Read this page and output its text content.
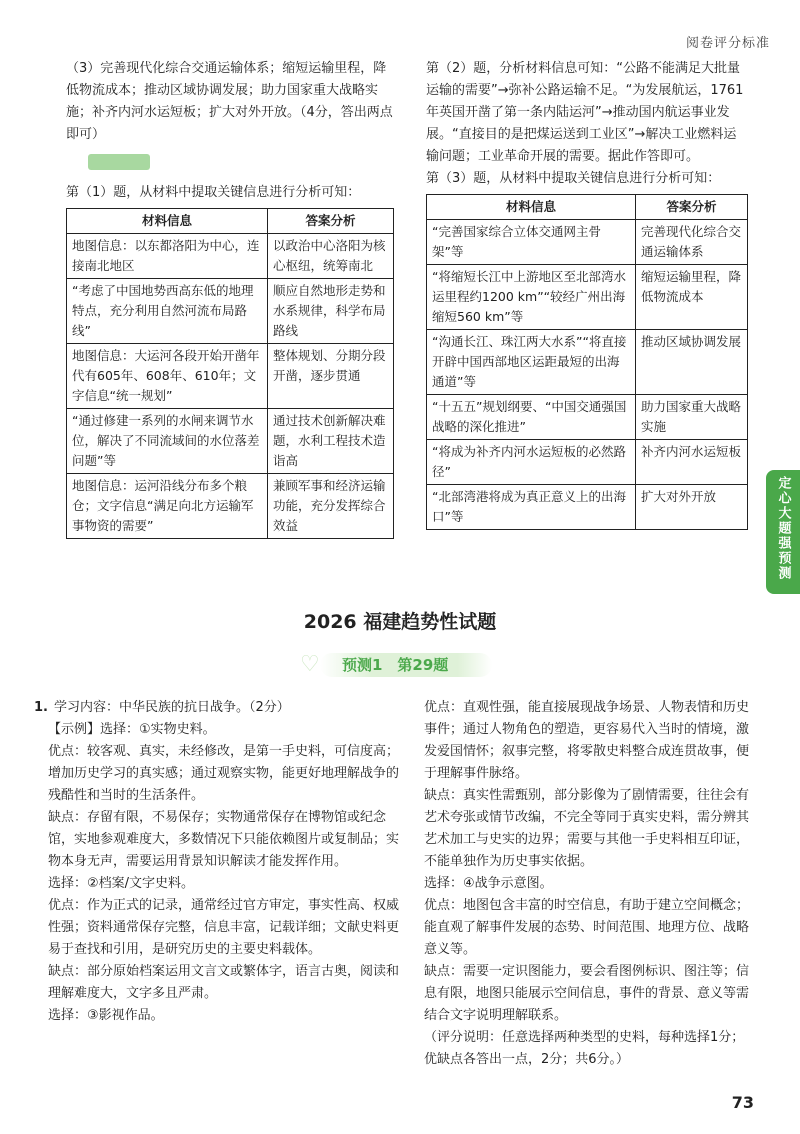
阅卷评分标准

（3）完善现代化综合交通运输体系；缩短运输里程，降低物流成本；推动区域协调发展；助力国家重大战略实施；补齐内河水运短板；扩大对外开放。（4分，答出两点即可）

第（1）题，从材料中提取关键信息进行分析可知：

材料信息	答案分析
地图信息：以东都洛阳为中心，连接南北地区	以政治中心洛阳为核心枢纽，统筹南北
“考虑了中国地势西高东低的地理特点，充分利用自然河流布局路线”	顺应自然地形走势和水系规律，科学布局路线
地图信息：大运河各段开始开凿年代有605年、608年、610年；文字信息“统一规划”	整体规划、分期分段开凿，逐步贯通
“通过修建一系列的水闸来调节水位，解决了不同流域间的水位落差问题”等	通过技术创新解决难题，水利工程技术造诣高
地图信息：运河沿线分布多个粮仓；文字信息“满足向北方运输军事物资的需要”	兼顾军事和经济运输功能，充分发挥综合效益

第（2）题，分析材料信息可知：“公路不能满足大批量运输的需要”→弥补公路运输不足。“为发展航运，1761年英国开凿了第一条内陆运河”→推动国内航运事业发展。“直接目的是把煤运送到工业区”→解决工业燃料运输问题；工业革命开展的需要。据此作答即可。

第（3）题，从材料中提取关键信息进行分析可知：

材料信息	答案分析
“完善国家综合立体交通网主骨架”等	完善现代化综合交通运输体系
“将缩短长江中上游地区至北部湾水运里程约1200 km”“较经广州出海缩短560 km”等	缩短运输里程，降低物流成本
“沟通长江、珠江两大水系”“将直接开辟中国西部地区运距最短的出海通道”等	推动区域协调发展
“十五五”规划纲要、“中国交通强国战略的深化推进”	助力国家重大战略实施
“将成为补齐内河水运短板的必然路径”	补齐内河水运短板
“北部湾港将成为真正意义上的出海口”等	扩大对外开放
2026 福建趋势性试题
♡ 预测1　第29题

1. 学习内容：中华民族的抗日战争。（2分）

【示例】选择：①实物史料。

优点：较客观、真实，未经修改，是第一手史料，可信度高；增加历史学习的真实感；通过观察实物，能更好地理解战争的残酷性和当时的生活条件。

缺点：存留有限，不易保存；实物通常保存在博物馆或纪念馆，实地参观难度大，多数情况下只能依赖图片或复制品；实物本身无声，需要运用背景知识解读才能发挥作用。

选择：②档案/文字史料。

优点：作为正式的记录，通常经过官方审定，事实性高、权威性强；资料通常保存完整，信息丰富，记载详细；文献史料更易于查找和引用，是研究历史的主要史料载体。

缺点：部分原始档案运用文言文或繁体字，语言古奥，阅读和理解难度大，文字多且严肃。

选择：③影视作品。

优点：直观性强，能直接展现战争场景、人物表情和历史事件；通过人物角色的塑造，更容易代入当时的情境，激发爱国情怀；叙事完整，将零散史料整合成连贯故事，便于理解事件脉络。

缺点：真实性需甄别，部分影像为了剧情需要，往往会有艺术夸张或情节改编，不完全等同于真实史料，需分辨其艺术加工与史实的边界；需要与其他一手史料相互印证，不能单独作为历史事实依据。

选择：④战争示意图。

优点：地图包含丰富的时空信息，有助于建立空间概念；能直观了解事件发展的态势、时间范围、地理方位、战略意义等。

缺点：需要一定识图能力，要会看图例标识、图注等；信息有限，地图只能展示空间信息，事件的背景、意义等需结合文字说明理解联系。

（评分说明：任意选择两种类型的史料，每种选择1分；优缺点各答出一点，2分；共6分。）

定心大题强预测
73
